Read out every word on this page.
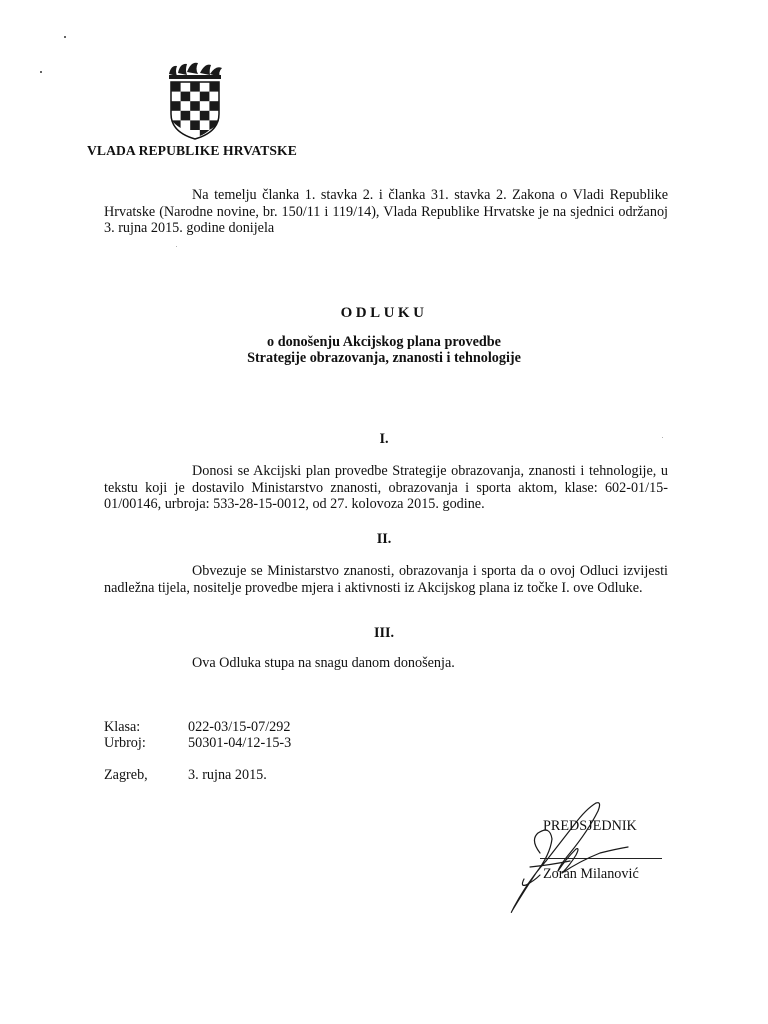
VLADA REPUBLIKE HRVATSKE
Na temelju članka 1. stavka 2. i članka 31. stavka 2. Zakona o Vladi Republike Hrvatske (Narodne novine, br. 150/11 i 119/14), Vlada Republike Hrvatske je na sjednici održanoj 3. rujna 2015. godine donijela
ODLUKU
o donošenju Akcijskog plana provedbe
Strategije obrazovanja, znanosti i tehnologije
I.
Donosi se Akcijski plan provedbe Strategije obrazovanja, znanosti i tehnologije, u tekstu koji je dostavilo Ministarstvo znanosti, obrazovanja i sporta aktom, klase: 602-01/15-01/00146, urbroja: 533-28-15-0012, od 27. kolovoza 2015. godine.
II.
Obvezuje se Ministarstvo znanosti, obrazovanja i sporta da o ovoj Odluci izvijesti nadležna tijela, nositelje provedbe mjera i aktivnosti iz Akcijskog plana iz točke I. ove Odluke.
III.
Ova Odluka stupa na snagu danom donošenja.
Klasa:	022-03/15-07/292
Urbroj:	50301-04/12-15-3
Zagreb,	3. rujna 2015.
PREDSJEDNIK
Zoran Milanović
